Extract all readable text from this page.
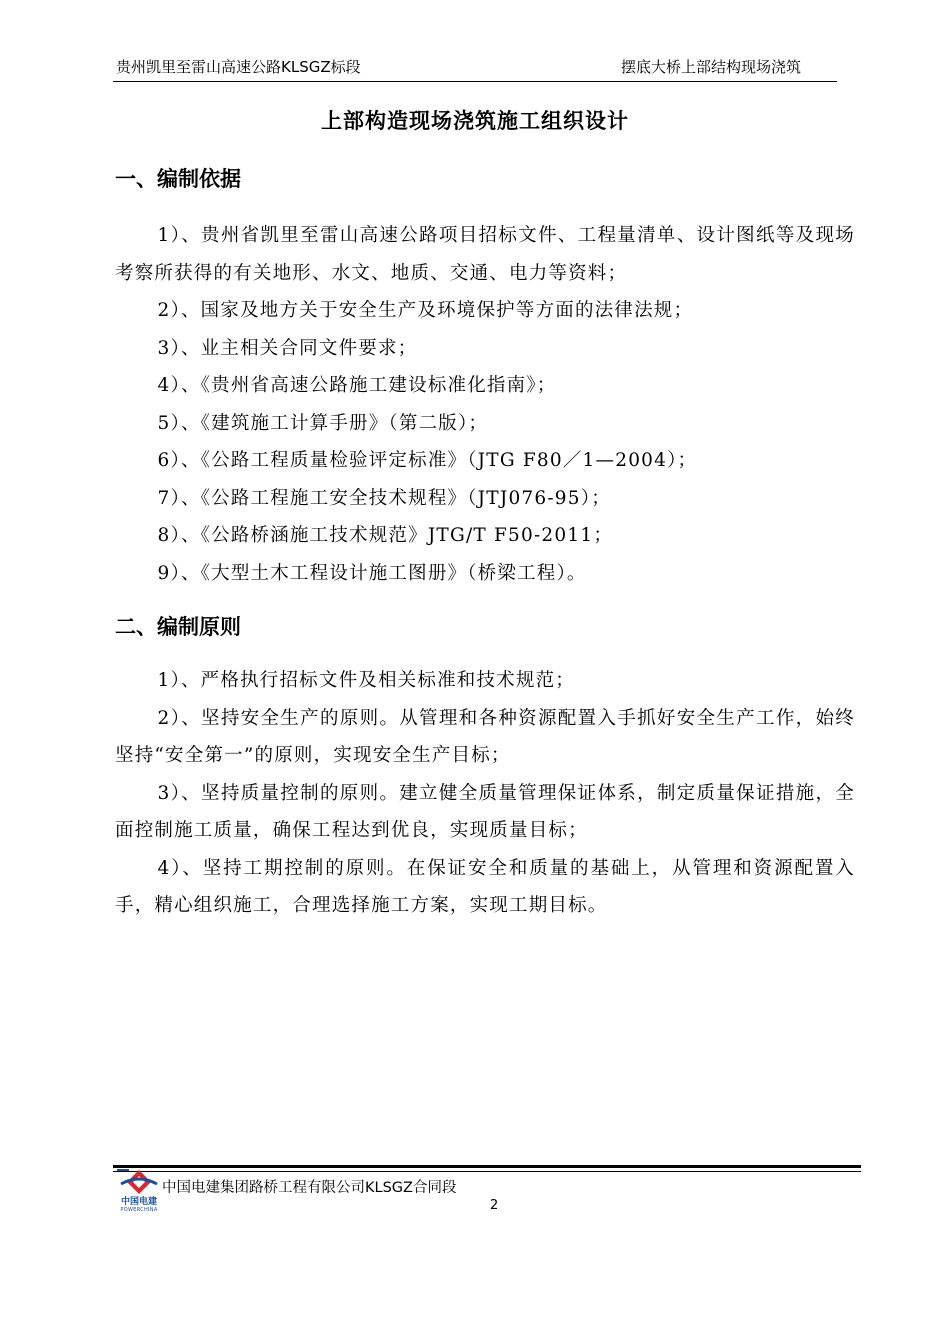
贵州凯里至雷山高速公路KLSGZ标段	摆底大桥上部结构现场浇筑
上部构造现场浇筑施工组织设计
一、编制依据

1）、贵州省凯里至雷山高速公路项目招标文件、工程量清单、设计图纸等及现场考察所获得的有关地形、水文、地质、交通、电力等资料；

2）、国家及地方关于安全生产及环境保护等方面的法律法规；

3）、业主相关合同文件要求；

4）、《贵州省高速公路施工建设标准化指南》；

5）、《建筑施工计算手册》（第二版）；

6）、《公路工程质量检验评定标准》（JTG F80／1—2004）；

7）、《公路工程施工安全技术规程》（JTJ076-95）；

8）、《公路桥涵施工技术规范》JTG/T F50-2011；

9）、《大型土木工程设计施工图册》（桥梁工程）。

二、编制原则

1）、严格执行招标文件及相关标准和技术规范；

2）、坚持安全生产的原则。从管理和各种资源配置入手抓好安全生产工作，始终坚持“安全第一”的原则，实现安全生产目标；

3）、坚持质量控制的原则。建立健全质量管理保证体系，制定质量保证措施，全面控制施工质量，确保工程达到优良，实现质量目标；

4）、坚持工期控制的原则。在保证安全和质量的基础上，从管理和资源配置入手，精心组织施工，合理选择施工方案，实现工期目标。

中国电建
POWERCHINA
中国电建集团路桥工程有限公司KLSGZ合同段
2
